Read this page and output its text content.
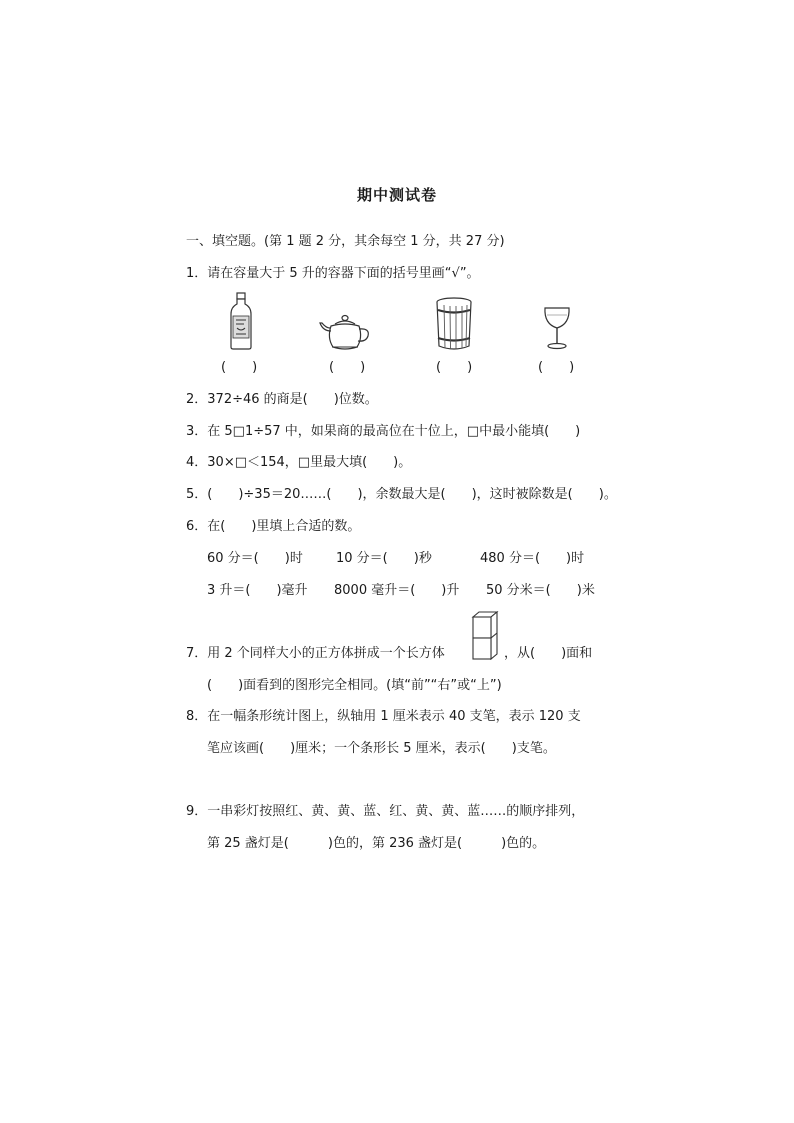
期中测试卷
一、填空题。(第 1 题 2 分，其余每空 1 分，共 27 分)
1．请在容量大于 5 升的容器下面的括号里画“√”。
(　　)	(　　)	(　　)	(　　)
2．372÷46 的商是(　　)位数。
3．在 5□1÷57 中，如果商的最高位在十位上，□中最小能填(　　)
4．30×□＜154，□里最大填(　　)。
5．(　　)÷35＝20……(　　)，余数最大是(　　)，这时被除数是(　　)。
6．在(　　)里填上合适的数。
60 分＝(　　)时	10 分＝(　　)秒	480 分＝(　　)时
3 升＝(　　)毫升 8000 毫升＝(　　)升 50 分米＝(　　)米
7．用 2 个同样大小的正方体拼成一个长方体	，从(　　)面和
(　　)面看到的图形完全相同。(填“前”“右”或“上”)
8．在一幅条形统计图上，纵轴用 1 厘米表示 40 支笔，表示 120 支
笔应该画(　　)厘米；一个条形长 5 厘米，表示(　　)支笔。
9．一串彩灯按照红、黄、黄、蓝、红、黄、黄、蓝……的顺序排列，
第 25 盏灯是(　　　)色的，第 236 盏灯是(　　　)色的。
